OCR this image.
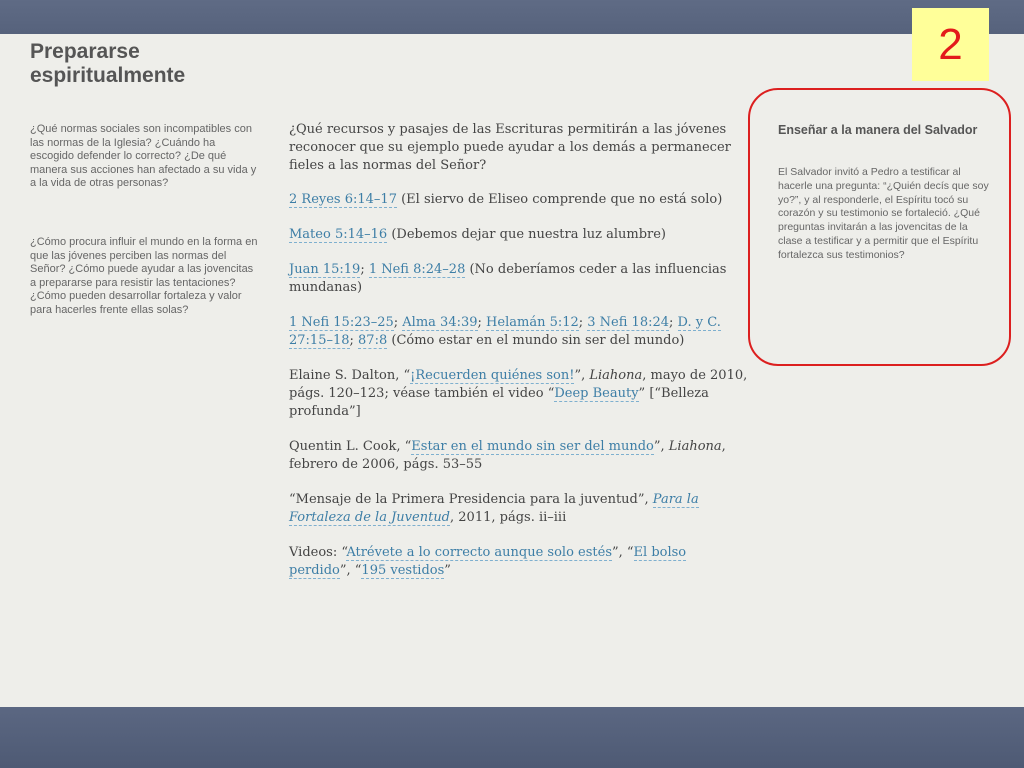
2
Prepararse espiritualmente

¿Qué normas sociales son incompatibles con las normas de la Iglesia? ¿Cuándo ha escogido defender lo correcto? ¿De qué manera sus acciones han afectado a su vida y a la vida de otras personas?

¿Cómo procura influir el mundo en la forma en que las jóvenes perciben las normas del Señor? ¿Cómo puede ayudar a las jovencitas a prepararse para resistir las tentaciones? ¿Cómo pueden desarrollar fortaleza y valor para hacerles frente ellas solas?

¿Qué recursos y pasajes de las Escrituras permitirán a las jóvenes reconocer que su ejemplo puede ayudar a los demás a permanecer fieles a las normas del Señor?

2 Reyes 6:14–17 (El siervo de Eliseo comprende que no está solo)

Mateo 5:14–16 (Debemos dejar que nuestra luz alumbre)

Juan 15:19; 1 Nefi 8:24–28 (No deberíamos ceder a las influencias mundanas)

1 Nefi 15:23–25; Alma 34:39; Helamán 5:12; 3 Nefi 18:24; D. y C. 27:15–18; 87:8 (Cómo estar en el mundo sin ser del mundo)

Elaine S. Dalton, “¡Recuerden quiénes son!”, Liahona, mayo de 2010, págs. 120–123; véase también el video “Deep Beauty” [“Belleza profunda”]

Quentin L. Cook, “Estar en el mundo sin ser del mundo”, Liahona, febrero de 2006, págs. 53–55

“Mensaje de la Primera Presidencia para la juventud”, Para la Fortaleza de la Juventud, 2011, págs. ii–iii

Videos: “Atrévete a lo correcto aunque solo estés”, “El bolso perdido”, “195 vestidos”

Enseñar a la manera del Salvador

El Salvador invitó a Pedro a testificar al hacerle una pregunta: “¿Quién decís que soy yo?”, y al responderle, el Espíritu tocó su corazón y su testimonio se fortaleció. ¿Qué preguntas invitarán a las jovencitas de la clase a testificar y a permitir que el Espíritu fortalezca sus testimonios?
